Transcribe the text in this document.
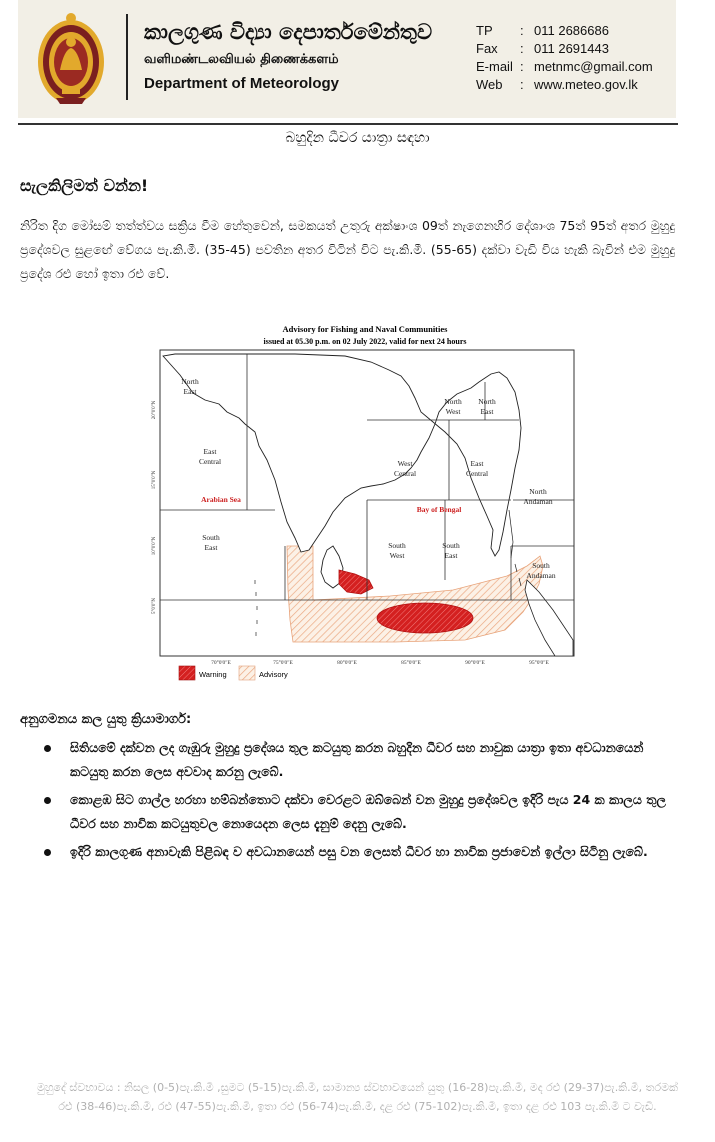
කාලගුණ විද්‍යා දෙපාර්තමේන්තුව
வளிமண்டலவியல் திணைக்களம்
Department of Meteorology
TP	: 011 2686686
Fax	: 011 2691443
E-mail : metnmc@gmail.com
Web	: www.meteo.gov.lk
බහුදින ධීවර යාත්‍රා සඳහා
සැලකිලිමත් වන්න!
නිරිත දිග මෝසම් තත්ත්වය සක්‍රිය වීම හේතුවෙන්, සමකයත් උතුරු අක්ෂාංශ 09ත් නැගෙනහිර දේශාංශ 75ත් 95ත් අතර මුහුදු ප්‍රදේශවල සුළඟේ වේගය පැ.කි.මී. (35-45) පවතින අතර විටින් විට පැ.කි.මී. (55-65) දක්වා වැඩි විය හැකි බැවින් එම මුහුදු ප්‍රදේශ රළු හෝ ඉතා රළු වේ.
Advisory for Fishing and Naval Communities
issued at 05.30 p.m. on 02 July 2022, valid for next 24 hours
North
East
East
Central
South
East
North
West
North
East
West
Central
East
Central
North
Andaman
South
West
South
East
South
Andaman
Arabian Sea
Bay of Bengal
70°0'0"E	75°0'0"E	80°0'0"E	85°0'0"E	90°0'0"E	95°0'0"E
20°0'0"N
15°0'0"N
10°0'0"N
5°0'0"N
Warning	Advisory
අනුගමනය කල යුතු ක්‍රියාමාර්ග:
සිතියමේ දක්වන ලද ගැඹුරු මුහුදු ප්‍රදේශය තුල කටයුතු කරන බහුදින ධීවර සහ නාවුක යාත්‍රා ඉතා අවධානයෙන් කටයුතු කරන ලෙස අවවාද කරනු ලැබේ.
කොළඹ සිට ගාල්ල හරහා හම්බන්තොට දක්වා වෙරළට ඔබ්බෙන් වන මුහුදු ප්‍රදේශවල ඉදිරි පැය 24 ක කාලය තුල ධීවර සහ නාවික කටයුතුවල නොයෙදන ලෙස දැනුම් දෙනු ලැබේ.
ඉදිරි කාලගුණ අනාවැකි පිළිබඳ ව අවධානයෙන් පසු වන ලෙසත් ධීවර හා නාවික ප්‍රජාවෙන් ඉල්ලා සිටිනු ලැබේ.
මුහුදේ ස්වභාවය : නිසල (0-5)පැ.කි.මී ,සුමට (5-15)පැ.කි.මී, සාමාන්‍ය ස්වභාවයෙන් යුතු (16-28)පැ.කි.මී, මද රළු (29-37)පැ.කි.මී, තරමක් රළු (38-46)පැ.කි.මී, රළු (47-55)පැ.කි.මී, ඉතා රළු (56-74)පැ.කි.මී, දළ රළු (75-102)පැ.කි.මී, ඉතා දළ රළු 103 පැ.කි.මී ට වැඩි.
